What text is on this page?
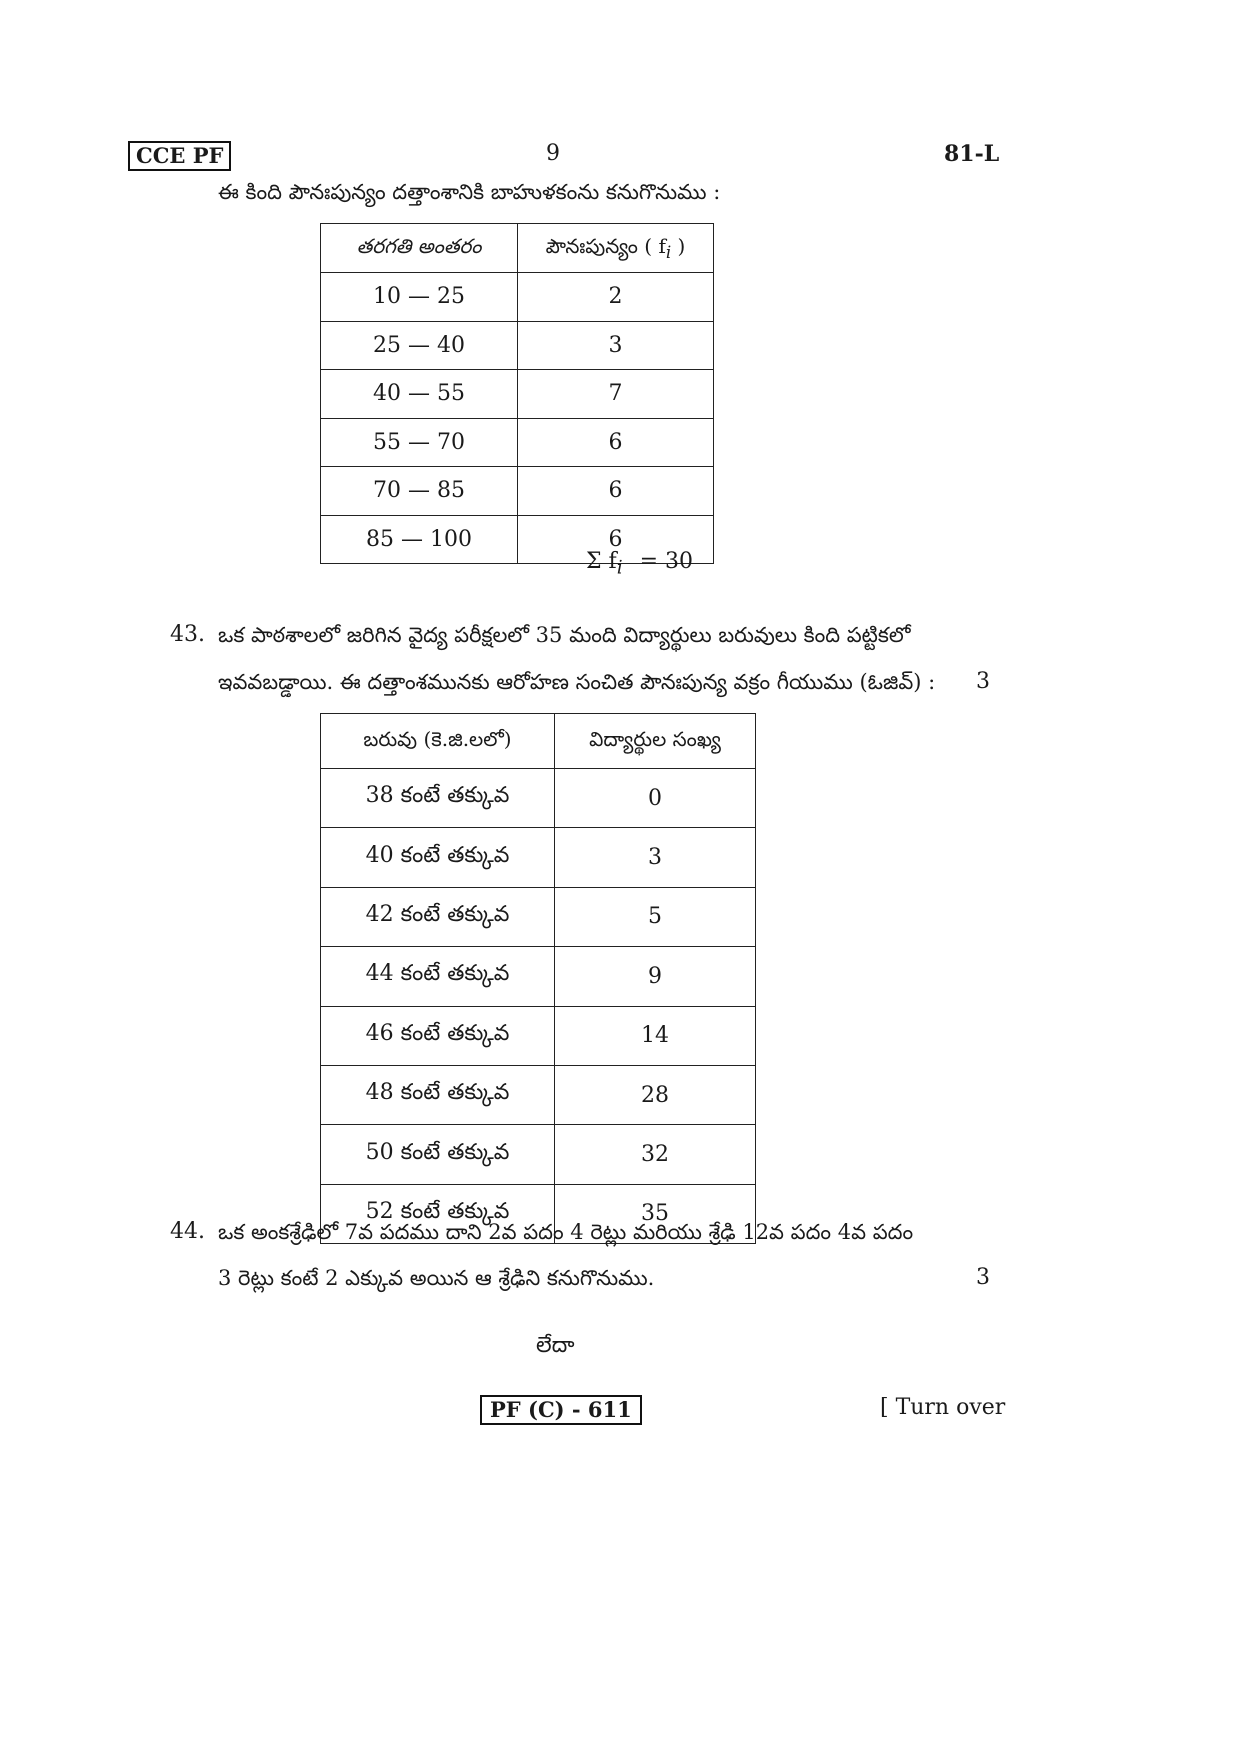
CCE PF	9	81-L
ఈ కింది పౌనఃపున్యం దత్తాంశానికి బాహుళకంను కనుగొనుము :
తరగతి అంతరం	పౌనఃపున్యం ( $f_i$ )
10 — 25	2
25 — 40	3
40 — 55	7
55 — 70	6
70 — 85	6
85 — 100	6
Σ $f_i = 30$
43. ఒక పాఠశాలలో జరిగిన వైద్య పరీక్షలలో 35 మంది విద్యార్థులు బరువులు కింది పట్టికలో
ఇవవబడ్డాయి. ఈ దత్తాంశమునకు ఆరోహణ సంచిత పౌనఃపున్య వక్రం గీయుము (ఓజివ్) : 3
బరువు (కె.జి.లలో)	విద్యార్థుల సంఖ్య
38 కంటే తక్కువ	0
40 కంటే తక్కువ	3
42 కంటే తక్కువ	5
44 కంటే తక్కువ	9
46 కంటే తక్కువ	14
48 కంటే తక్కువ	28
50 కంటే తక్కువ	32
52 కంటే తక్కువ	35
44. ఒక అంకశ్రేఢిలో 7వ పదము దాని 2వ పదం 4 రెట్లు మరియు శ్రేఢి 12వ పదం 4వ పదం
3 రెట్లు కంటే 2 ఎక్కువ అయిన ఆ శ్రేఢిని కనుగొనుము.	3
లేదా
PF (C) - 611	[ Turn over
